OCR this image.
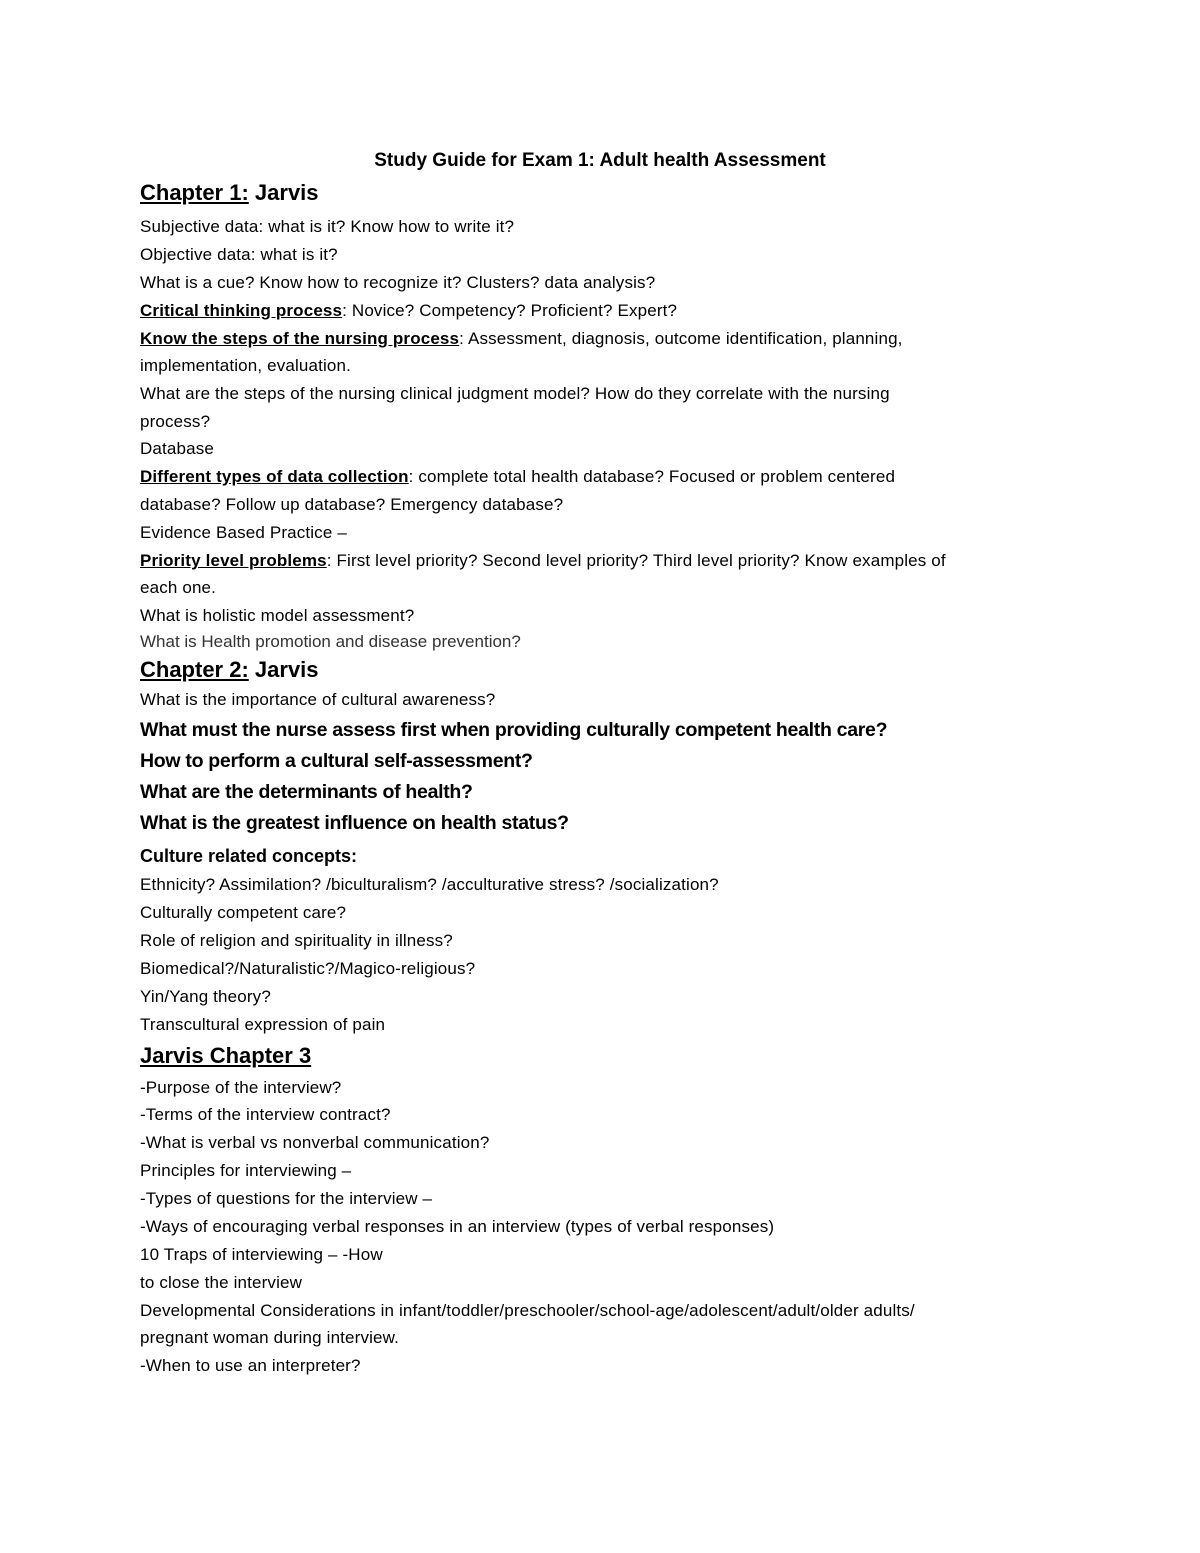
Study Guide for Exam 1: Adult health Assessment
Chapter 1: Jarvis
Subjective data: what is it? Know how to write it?
Objective data: what is it?
What is a cue? Know how to recognize it? Clusters? data analysis?
Critical thinking process: Novice? Competency? Proficient? Expert?
Know the steps of the nursing process: Assessment, diagnosis, outcome identification, planning,
implementation, evaluation.
What are the steps of the nursing clinical judgment model? How do they correlate with the nursing
process?
Database
Different types of data collection: complete total health database? Focused or problem centered
database? Follow up database? Emergency database?
Evidence Based Practice –
Priority level problems: First level priority? Second level priority? Third level priority? Know examples of
each one.
What is holistic model assessment?
What is Health promotion and disease prevention?
Chapter 2: Jarvis
What is the importance of cultural awareness?
What must the nurse assess first when providing culturally competent health care?
How to perform a cultural self-assessment?
What are the determinants of health?
What is the greatest influence on health status?
Culture related concepts:
Ethnicity? Assimilation? /biculturalism? /acculturative stress? /socialization?
Culturally competent care?
Role of religion and spirituality in illness?
Biomedical?/Naturalistic?/Magico-religious?
Yin/Yang theory?
Transcultural expression of pain
Jarvis Chapter 3
-Purpose of the interview?
-Terms of the interview contract?
-What is verbal vs nonverbal communication?
Principles for interviewing –
-Types of questions for the interview –
-Ways of encouraging verbal responses in an interview (types of verbal responses)
10 Traps of interviewing – -How
to close the interview
Developmental Considerations in infant/toddler/preschooler/school-age/adolescent/adult/older adults/
pregnant woman during interview.
-When to use an interpreter?
